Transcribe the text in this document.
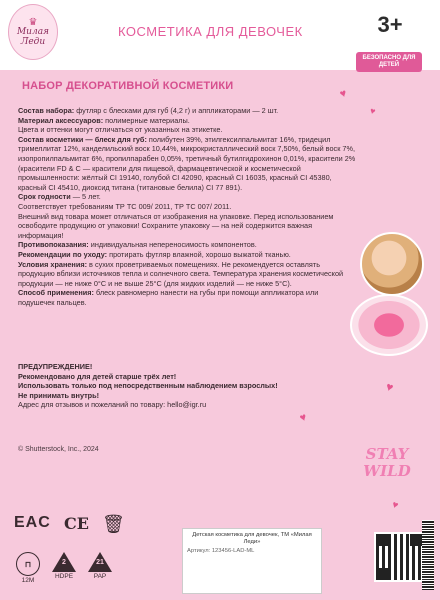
♛
Милая
Леди
КОСМЕТИКА ДЛЯ ДЕВОЧЕК	3+
БЕЗОПАСНО ДЛЯ ДЕТЕЙ
НАБОР ДЕКОРАТИВНОЙ КОСМЕТИКИ
♥
♥
♥
♥
♥

Состав набора: футляр с блесками для губ (4,2 г) и аппликаторами — 2 шт.

Материал аксессуаров: полимерные материалы.

Цвета и оттенки могут отличаться от указанных на этикетке.

Состав косметики — блеск для губ: полибутен 39%, этилгексилпальмитат 16%, тридецил тримеллитат 12%, канделильский воск 10,44%, микрокристаллический воск 7,50%, белый воск 7%, изопропилпальмитат 6%, пропилпарабен 0,05%, третичный бутилгидрохинон 0,01%, красители 2% (красители FD & C — красители для пищевой, фармацевтической и косметической промышленности: жёлтый CI 19140, голубой CI 42090, красный CI 16035, красный CI 45380, красный CI 45410, диоксид титана (титановые белила) CI 77 891).

Срок годности — 5 лет.

Соответствует требованиям ТР ТС 009/ 2011, ТР ТС 007/ 2011.

Внешний вид товара может отличаться от изображения на упаковке. Перед использованием освободите продукцию от упаковки! Сохраните упаковку — на ней содержится важная информация!

Противопоказания: индивидуальная непереносимость компонентов.

Рекомендации по уходу: протирать футляр влажной, хорошо выжатой тканью.

Условия хранения: в сухих проветриваемых помещениях. Не рекомендуется оставлять продукцию вблизи источников тепла и солнечного света. Температура хранения косметической продукции — не ниже 0°С и не выше 25°С (для жидких изделий — не ниже 5°С).

Способ применения: блеск равномерно нанести на губы при помощи аппликатора или подушечек пальцев.

ПРЕДУПРЕЖДЕНИЕ!

Рекомендовано для детей старше трёх лет!

Использовать только под непосредственным наблюдением взрослых!

Не принимать внутрь!

Адрес для отзывов и пожеланий по товару: hello@igr.ru

© Shutterstock, Inc., 2024	STAY
WILD
EAC CE 🗑
⊓
12M
2
HDPE
21
PAP
Детская косметика для девочек, ТМ «Милая Леди»
Артикул: 123456-LAD-ML
